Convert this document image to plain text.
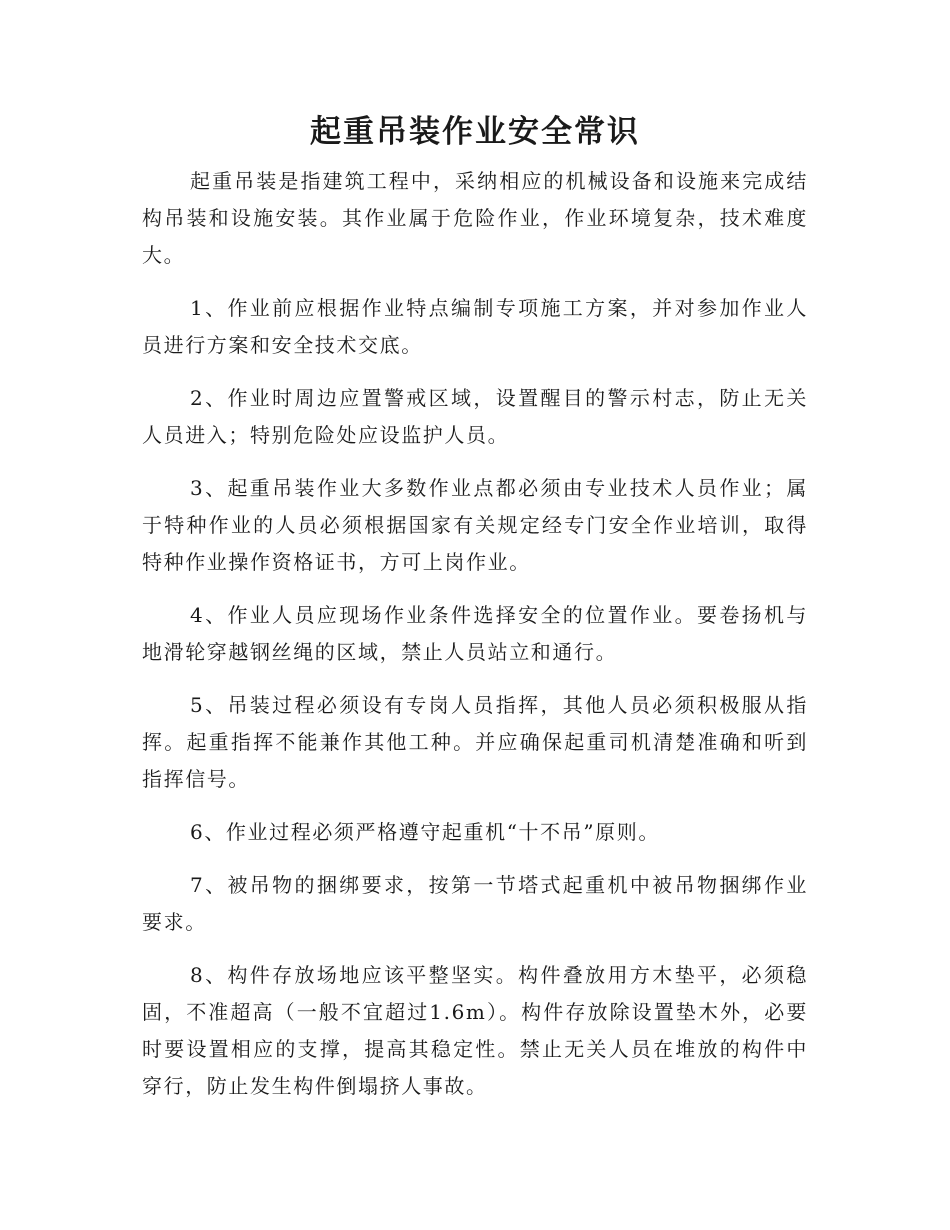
起重吊装作业安全常识

起重吊装是指建筑工程中，采纳相应的机械设备和设施来完成结构吊装和设施安装。其作业属于危险作业，作业环境复杂，技术难度大。

1、作业前应根据作业特点编制专项施工方案，并对参加作业人员进行方案和安全技术交底。

2、作业时周边应置警戒区域，设置醒目的警示村志，防止无关人员进入；特别危险处应设监护人员。

3、起重吊装作业大多数作业点都必须由专业技术人员作业；属于特种作业的人员必须根据国家有关规定经专门安全作业培训，取得特种作业操作资格证书，方可上岗作业。

4、作业人员应现场作业条件选择安全的位置作业。要卷扬机与地滑轮穿越钢丝绳的区域，禁止人员站立和通行。

5、吊装过程必须设有专岗人员指挥，其他人员必须积极服从指挥。起重指挥不能兼作其他工种。并应确保起重司机清楚准确和听到指挥信号。

6、作业过程必须严格遵守起重机“十不吊”原则。

7、被吊物的捆绑要求，按第一节塔式起重机中被吊物捆绑作业要求。

8、构件存放场地应该平整坚实。构件叠放用方木垫平，必须稳固，不准超高（一般不宜超过1.6m）。构件存放除设置垫木外，必要时要设置相应的支撑，提高其稳定性。禁止无关人员在堆放的构件中穿行，防止发生构件倒塌挤人事故。
